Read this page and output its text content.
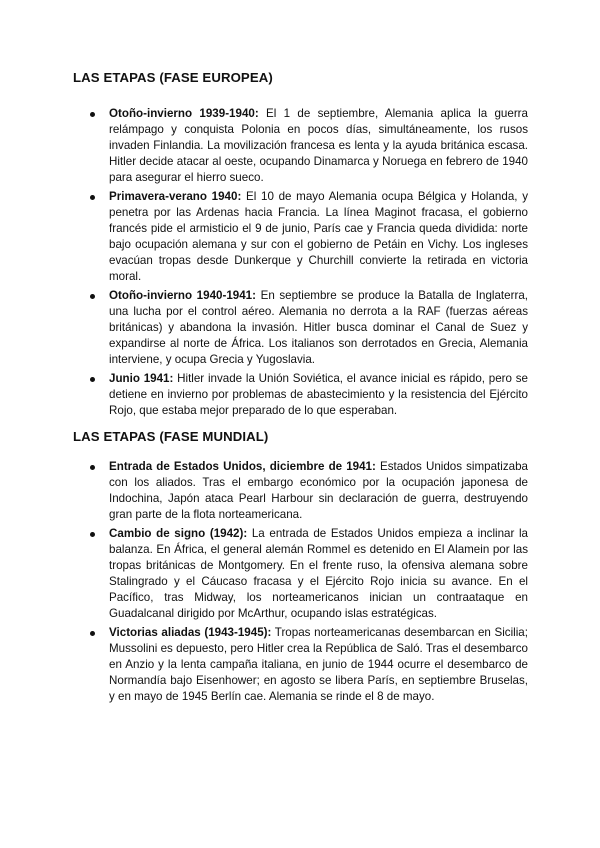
LAS ETAPAS (FASE EUROPEA)
Otoño-invierno 1939-1940: El 1 de septiembre, Alemania aplica la guerra relámpago y conquista Polonia en pocos días, simultáneamente, los rusos invaden Finlandia. La movilización francesa es lenta y la ayuda británica escasa. Hitler decide atacar al oeste, ocupando Dinamarca y Noruega en febrero de 1940 para asegurar el hierro sueco.
Primavera-verano 1940: El 10 de mayo Alemania ocupa Bélgica y Holanda, y penetra por las Ardenas hacia Francia. La línea Maginot fracasa, el gobierno francés pide el armisticio el 9 de junio, París cae y Francia queda dividida: norte bajo ocupación alemana y sur con el gobierno de Petáin en Vichy. Los ingleses evacúan tropas desde Dunkerque y Churchill convierte la retirada en victoria moral.
Otoño-invierno 1940-1941: En septiembre se produce la Batalla de Inglaterra, una lucha por el control aéreo. Alemania no derrota a la RAF (fuerzas aéreas británicas) y abandona la invasión. Hitler busca dominar el Canal de Suez y expandirse al norte de África. Los italianos son derrotados en Grecia, Alemania interviene, y ocupa Grecia y Yugoslavia.
Junio 1941: Hitler invade la Unión Soviética, el avance inicial es rápido, pero se detiene en invierno por problemas de abastecimiento y la resistencia del Ejército Rojo, que estaba mejor preparado de lo que esperaban.
LAS ETAPAS (FASE MUNDIAL)
Entrada de Estados Unidos, diciembre de 1941: Estados Unidos simpatizaba con los aliados. Tras el embargo económico por la ocupación japonesa de Indochina, Japón ataca Pearl Harbour sin declaración de guerra, destruyendo gran parte de la flota norteamericana.
Cambio de signo (1942): La entrada de Estados Unidos empieza a inclinar la balanza. En África, el general alemán Rommel es detenido en El Alamein por las tropas británicas de Montgomery. En el frente ruso, la ofensiva alemana sobre Stalingrado y el Cáucaso fracasa y el Ejército Rojo inicia su avance. En el Pacífico, tras Midway, los norteamericanos inician un contraataque en Guadalcanal dirigido por McArthur, ocupando islas estratégicas.
Victorias aliadas (1943-1945): Tropas norteamericanas desembarcan en Sicilia; Mussolini es depuesto, pero Hitler crea la República de Saló. Tras el desembarco en Anzio y la lenta campaña italiana, en junio de 1944 ocurre el desembarco de Normandía bajo Eisenhower; en agosto se libera París, en septiembre Bruselas, y en mayo de 1945 Berlín cae. Alemania se rinde el 8 de mayo.
